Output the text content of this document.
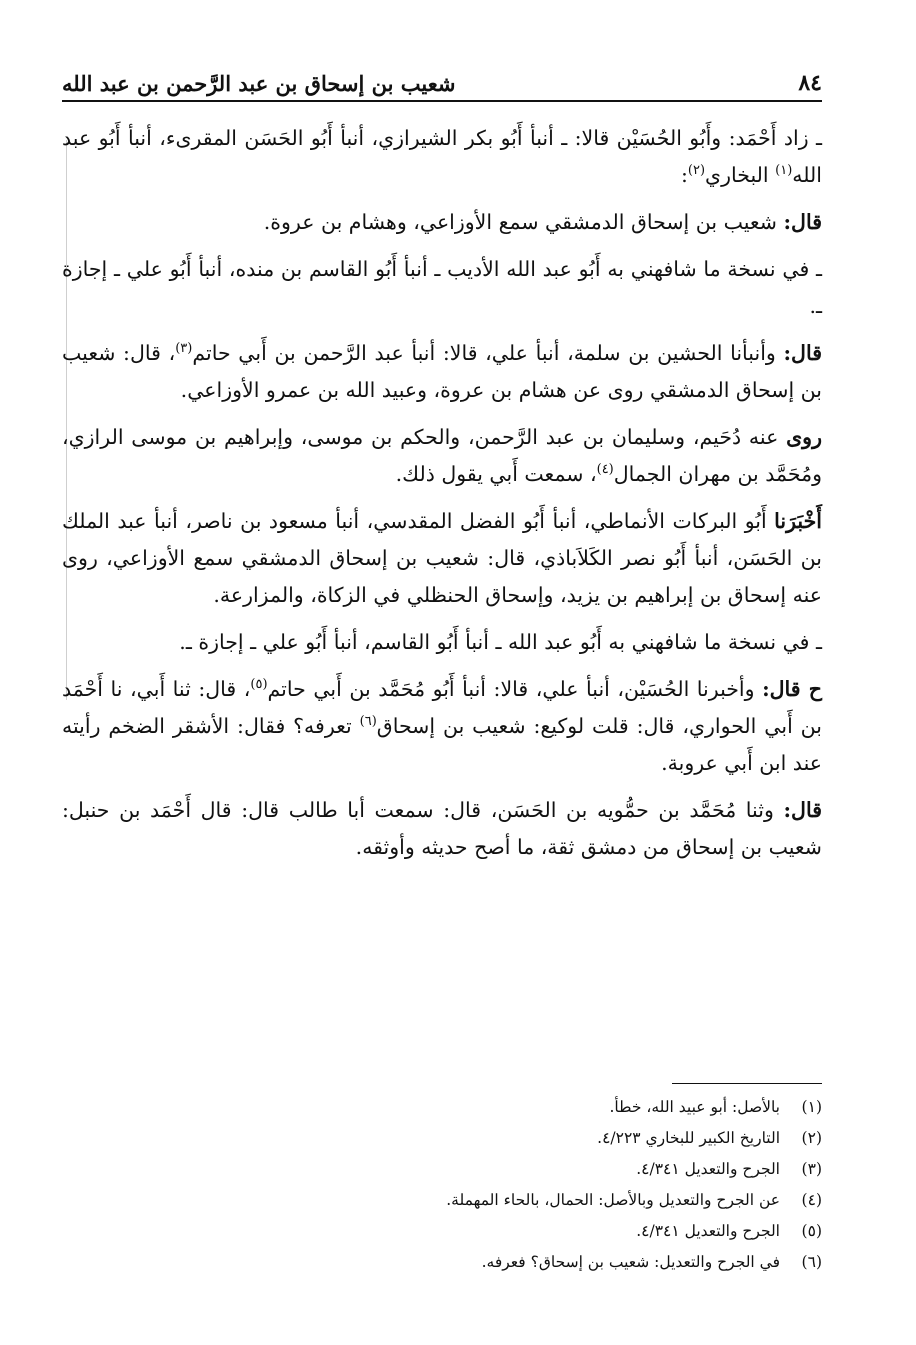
٨٤
شعيب بن إسحاق بن عبد الرَّحمن بن عبد الله

ـ زاد أَحْمَد: وأَبُو الحُسَيْن قالا: ـ أنبأ أَبُو بكر الشيرازي، أنبأ أَبُو الحَسَن المقرىء، أنبأ أَبُو عبد الله$^{(١)}$ البخاري$^{(٢)}$:

قال: شعيب بن إسحاق الدمشقي سمع الأوزاعي، وهشام بن عروة.

ـ في نسخة ما شافهني به أَبُو عبد الله الأديب ـ أنبأ أَبُو القاسم بن منده، أنبأ أَبُو علي ـ إجازة ـ.

قال: وأنبأنا الحشين بن سلمة، أنبأ علي، قالا: أنبأ عبد الرَّحمن بن أَبي حاتم$^{(٣)}$، قال: شعيب بن إسحاق الدمشقي روى عن هشام بن عروة، وعبيد الله بن عمرو الأوزاعي.

روى عنه دُحَيم، وسليمان بن عبد الرَّحمن، والحكم بن موسى، وإبراهيم بن موسى الرازي، ومُحَمَّد بن مهران الجمال$^{(٤)}$، سمعت أَبي يقول ذلك.

أَخْبَرَنا أَبُو البركات الأنماطي، أنبأ أَبُو الفضل المقدسي، أنبأ مسعود بن ناصر، أنبأ عبد الملك بن الحَسَن، أنبأ أَبُو نصر الكَلاَباذي، قال: شعيب بن إسحاق الدمشقي سمع الأوزاعي، روى عنه إسحاق بن إبراهيم بن يزيد، وإسحاق الحنظلي في الزكاة، والمزارعة.

ـ في نسخة ما شافهني به أَبُو عبد الله ـ أنبأ أَبُو القاسم، أنبأ أَبُو علي ـ إجازة ـ.

ح قال: وأخبرنا الحُسَيْن، أنبأ علي، قالا: أنبأ أَبُو مُحَمَّد بن أَبي حاتم$^{(٥)}$، قال: ثنا أَبي، نا أَحْمَد بن أَبي الحواري، قال: قلت لوكيع: شعيب بن إسحاق$^{(٦)}$ تعرفه؟ فقال: الأشقر الضخم رأيته عند ابن أَبي عروبة.

قال: وثنا مُحَمَّد بن حمُّويه بن الحَسَن، قال: سمعت أبا طالب قال: قال أَحْمَد بن حنبل: شعيب بن إسحاق من دمشق ثقة، ما أصح حديثه وأوثقه.

(١)
بالأصل: أبو عبيد الله، خطأ.
(٢)
التاريخ الكبير للبخاري ٤/٢٢٣.
(٣)
الجرح والتعديل ٤/٣٤١.
(٤)
عن الجرح والتعديل وبالأصل: الحمال، بالحاء المهملة.
(٥)
الجرح والتعديل ٤/٣٤١.
(٦)
في الجرح والتعديل: شعيب بن إسحاق؟ فعرفه.
